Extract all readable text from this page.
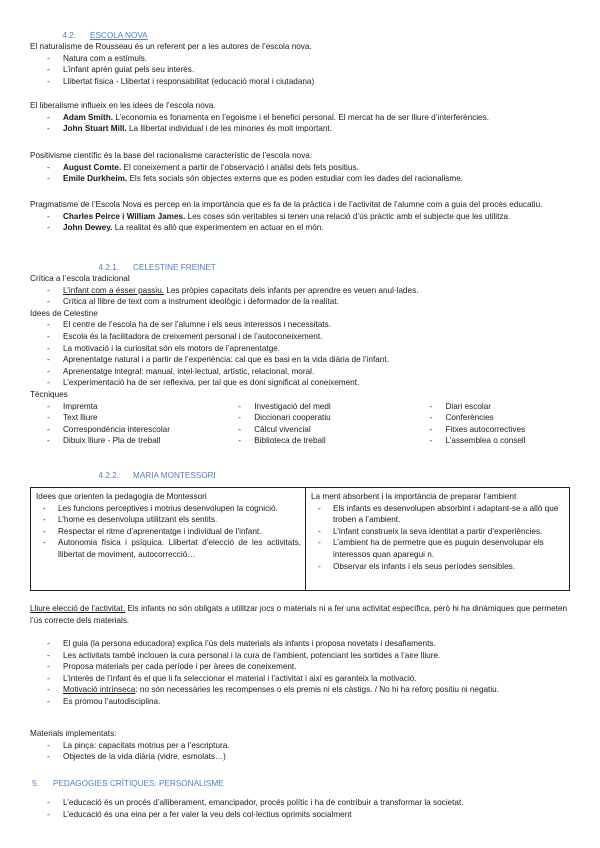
4.2. ESCOLA NOVA

El naturalisme de Rousseau és un referent per a les autores de l’escola nova.

- Natura com a estímuls.
- L’infant aprèn guiat pels seu interès.
- Llibertat física - Llibertat i responsabilitat (educació moral i ciutadana)

El liberalisme influeix en les idees de l’escola nova.

- Adam Smith. L’economia es fonamenta en l’egoisme i el benefici personal. El mercat ha de ser lliure d’interferències.
- John Stuart Mill. La llibertat individual i de les minories és molt important.

Positivisme científic és la base del racionalisme característic de l’escola nova:

- August Comte. El coneixement a partir de l’observació i anàlisi dels fets positius.
- Emile Durkheim. Els fets socials són objectes externs que es poden estudiar com les dades del racionalisme.

Pragmatisme de l’Escola Nova es percep en la importància que es fa de la pràctica i de l’activitat de l’alumne com a guia del procés educatiu.

- Charles Peirce i William James. Les coses són veritables si tenen una relació d’ús pràctic amb el subjecte que les utilitza.
- John Dewey. La realitat és allò que experimentem en actuar en el món.
4.2.1. CELESTINE FREINET

Crítica a l’escola tradicional

- L’infant com a ésser passiu. Les pròpies capacitats dels infants per aprendre es veuen anul·lades.
- Crítica al llibre de text com a instrument ideològic i deformador de la realitat.

Idees de Celestine

- El centre de l’escola ha de ser l’alumne i els seus interessos i necessitats.
- Escola és la facilitadora de creixement personal i de l’autoconeixement.
- La motivació i la curiositat són els motors de l’aprenentatge.
- Aprenentatge natural i a partir de l’experiència: cal que es basi en la vida diària de l’infant.
- Aprenentatge integral: manual, intel·lectual, artístic, relacional, moral.
- L’experimentació ha de ser reflexiva, per tal que es doni significat al coneixement.

Tècniques

- Impremta
- Text lliure
- Correspondència interescolar
- Dibuix lliure - Pla de treball
- Investigació del medi
- Diccionari cooperatiu
- Càlcul vivencial
- Biblioteca de treball
- Diari escolar
- Conferències
- Fitxes autocorrectives
- L’assemblea o consell
4.2.2. MARIA MONTESSORI

Idees que orienten la pedagogia de Montessori

- Les funcions perceptives i motrius desenvolupen la cognició.
- L’home es desenvolupa utilitzant els sentits.
- Respectar el ritme d’aprenentatge i individual de l’infant.
- Autonomia física i psíquica. Llibertat d’elecció de les activitats, llibertat de moviment, autocorrecció…

La ment absorbent i la importància de preparar l’ambient

- Els infants es desenvolupen absorbint i adaptant-se a allò que troben a l’ambient.
- L’infant construeix la seva identitat a partir d’experiències.
- L’ambient ha de permetre que es puguin desenvolupar els interessos quan aparegui n.
- Observar els infants i els seus períodes sensibles.

Lliure elecció de l’activitat. Els infants no són obligats a utilitzar jocs o materials ni a fer una activitat específica, però hi ha dinàmiques que permeten l’ús correcte dels materials.

- El guia (la persona educadora) explica l’ús dels materials als infants i proposa novetats i desafiaments.
- Les activitats també inclouen la cura personal i la cura de l’ambient, potenciant les sortides a l’aire lliure.
- Proposa materials per cada període i per àrees de coneixement.
- L’interès de l’infant és el que li fa seleccionar el material i l’activitat i així es garanteix la motivació.
- Motivació intrínseca: no són necessàries les recompenses o els premis ni els càstigs. / No hi ha reforç positiu ni negatiu.
- Es promou l’autodisciplina.

Materials implementats:

- La pinça: capacitats motrius per a l’escriptura.
- Objectes de la vida diària (vidre, esmolats…)
5. PEDAGOGIES CRÍTIQUES: PERSONALISME
- L’educació és un procés d’alliberament, emancipador, procés polític i ha de contribuir a transformar la societat.
- L’educació és una eina per a fer valer la veu dels col·lectius oprimits socialment
